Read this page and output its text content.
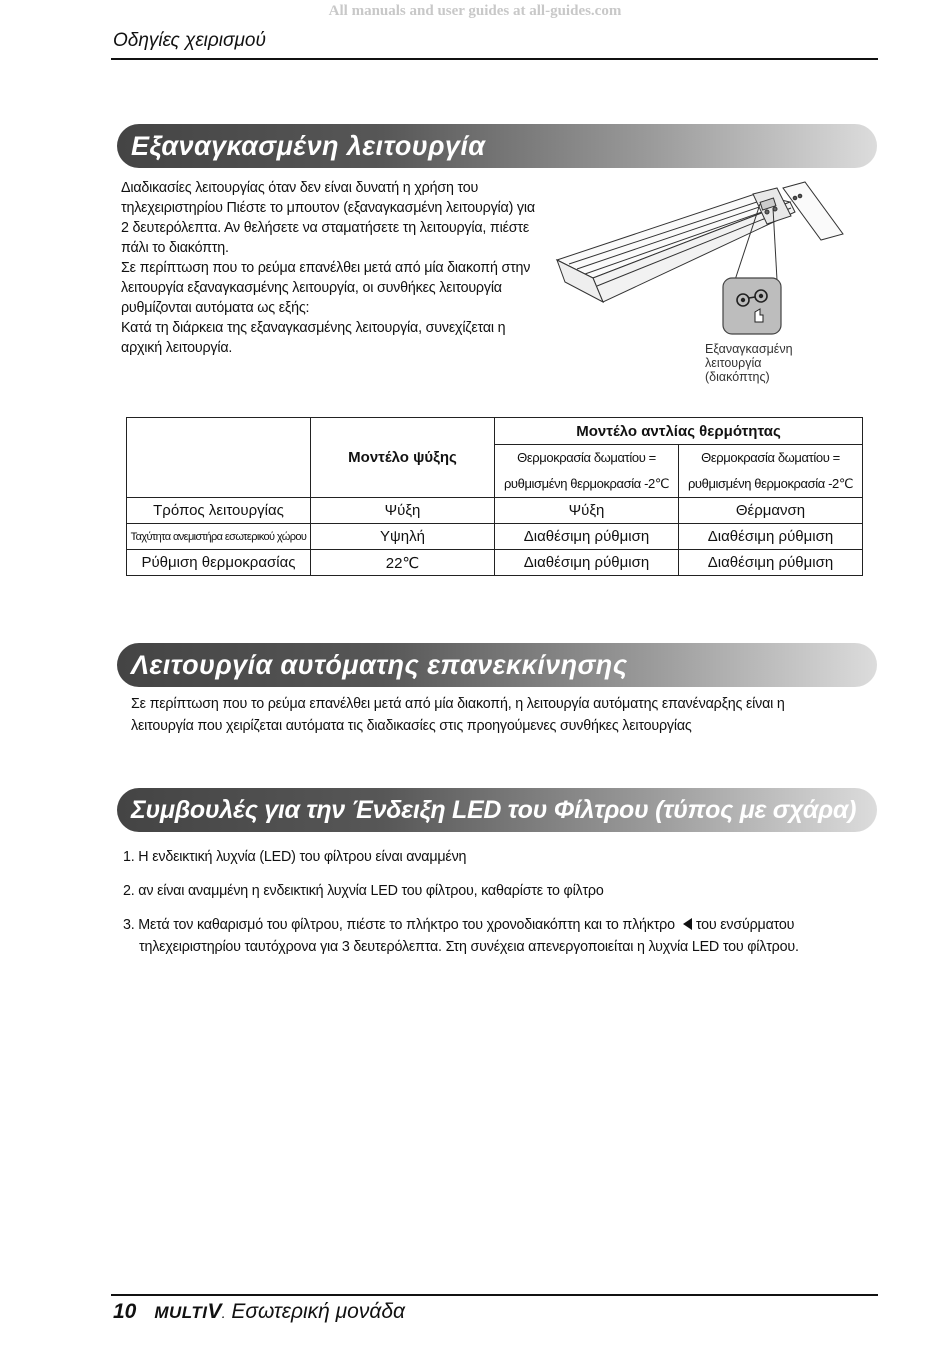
All manuals and user guides at all-guides.com
Οδηγίες χειρισμού
Εξαναγκασμένη λειτουργία

Διαδικασίες λειτουργίας όταν δεν είναι δυνατή η χρήση του τηλεχειριστηρίου Πιέστε το μπουτον (εξαναγκασμένη λειτουργία) για 2 δευτερόλεπτα. Αν θελήσετε να σταματήσετε τη λειτουργία, πιέστε πάλι το διακόπτη.

Σε περίπτωση που το ρεύμα επανέλθει μετά από μία διακοπή στην λειτουργία εξαναγκασμένης λειτουργία, οι συνθήκες λειτουργία ρυθμίζονται αυτόματα ως εξής:

Κατά τη διάρκεια της εξαναγκασμένης λειτουργία, συνεχίζεται η αρχική λειτουργία.	Εξαναγκασμένη λειτουργία (διακόπτης)
	Μοντέλο ψύξης	Μοντέλο αντλίας θερμότητας	
		Θερμοκρασία δωματίου = ρυθμισμένη θερμοκρασία -2℃	Θερμοκρασία δωματίου = ρυθμισμένη θερμοκρασία -2℃
Τρόπος λειτουργίας	Ψύξη	Ψύξη	Θέρμανση
Ταχύτητα ανεμιστήρα εσωτερικού χώρου	Υψηλή	Διαθέσιμη ρύθμιση	Διαθέσιμη ρύθμιση
Ρύθμιση θερμοκρασίας	22℃	Διαθέσιμη ρύθμιση	Διαθέσιμη ρύθμιση
Λειτουργία αυτόματης επανεκκίνησης
Σε περίπτωση που το ρεύμα επανέλθει μετά από μία διακοπή, η λειτουργία αυτόματης επανέναρξης είναι η λειτουργία που χειρίζεται αυτόματα τις διαδικασίες στις προηγούμενες συνθήκες λειτουργίας
Συμβουλές για την Ένδειξη LED του Φίλτρου (τύπος με σχάρα)
1. Η ενδεικτική λυχνία (LED) του φίλτρου είναι αναμμένη
2. αν είναι αναμμένη η ενδεικτική λυχνία LED του φίλτρου, καθαρίστε το φίλτρο
3. Μετά τον καθαρισμό του φίλτρου, πιέστε το πλήκτρο του χρονοδιακόπτη και το πλήκτρο του ενσύρματου
τηλεχειριστηρίου ταυτόχρονα για 3 δευτερόλεπτα. Στη συνέχεια απενεργοποιείται η λυχνία LED του φίλτρου.
10 MULTIV. Εσωτερική μονάδα
